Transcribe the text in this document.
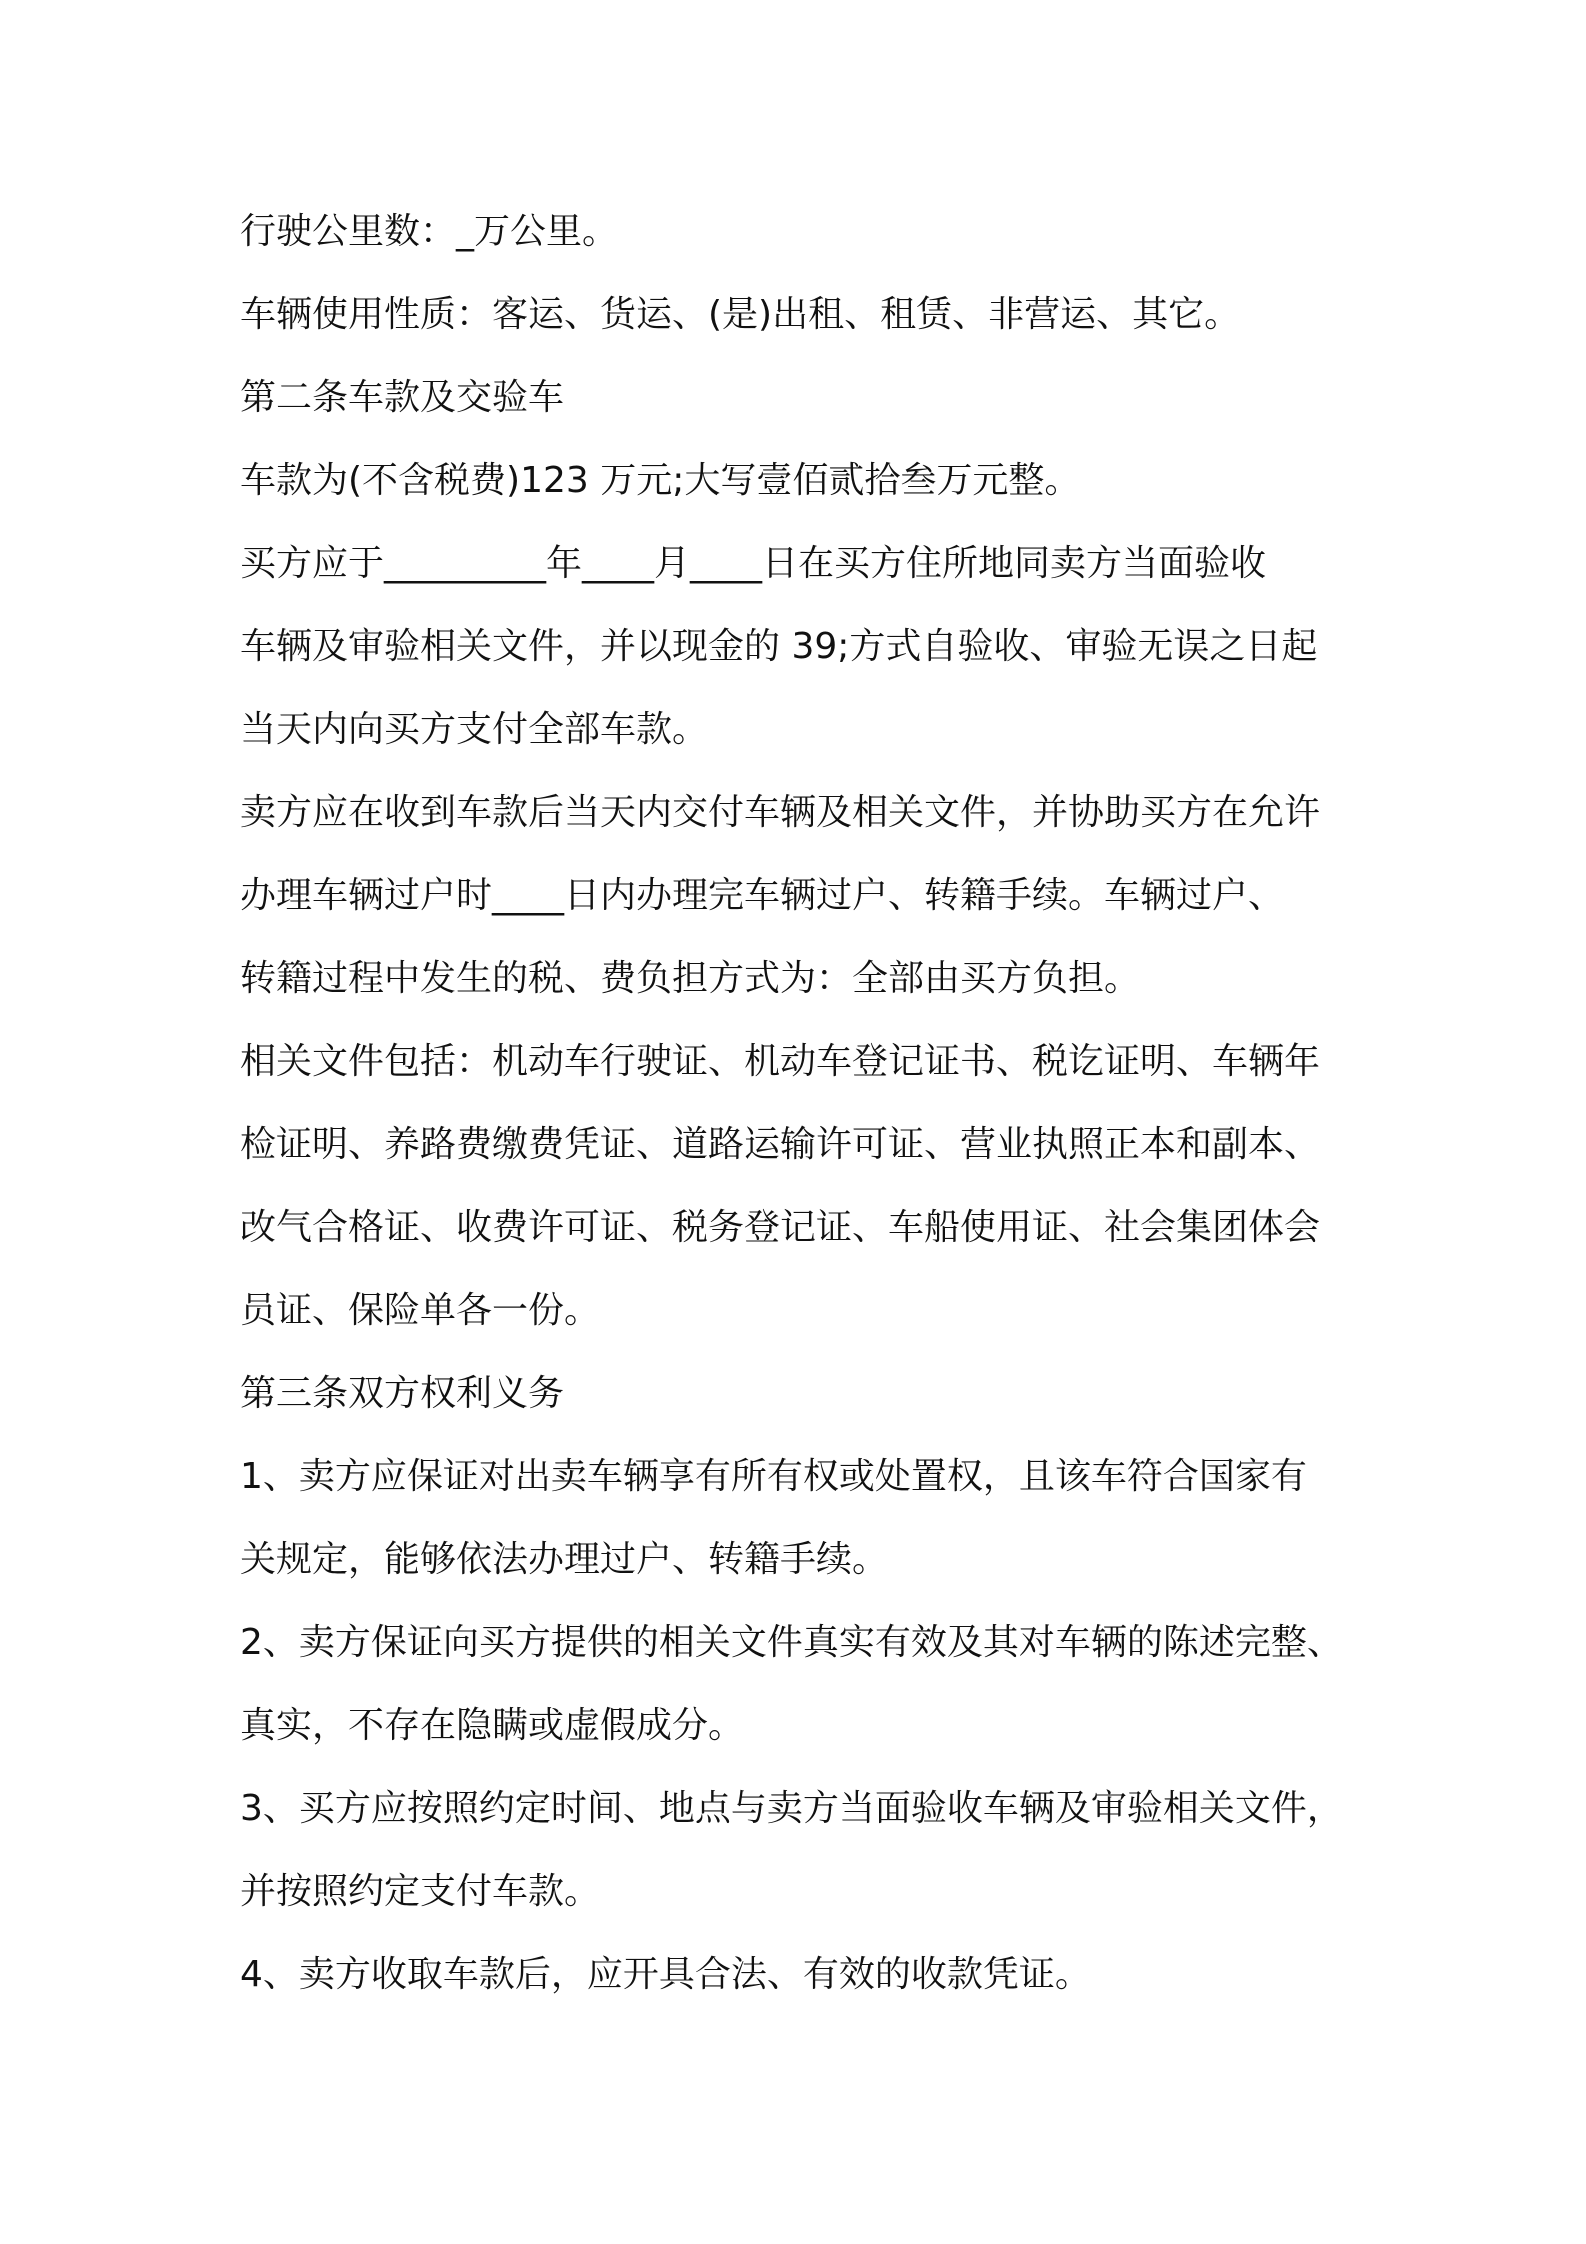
行驶公里数：_万公里。
车辆使用性质：客运、货运、(是)出租、租赁、非营运、其它。
第二条车款及交验车
车款为(不含税费)123 万元;大写壹佰贰拾叁万元整。
买方应于_________年____月____日在买方住所地同卖方当面验收
车辆及审验相关文件，并以现金的 39;方式自验收、审验无误之日起
当天内向买方支付全部车款。
卖方应在收到车款后当天内交付车辆及相关文件，并协助买方在允许
办理车辆过户时____日内办理完车辆过户、转籍手续。车辆过户、
转籍过程中发生的税、费负担方式为：全部由买方负担。
相关文件包括：机动车行驶证、机动车登记证书、税讫证明、车辆年
检证明、养路费缴费凭证、道路运输许可证、营业执照正本和副本、
改气合格证、收费许可证、税务登记证、车船使用证、社会集团体会
员证、保险单各一份。
第三条双方权利义务
1、卖方应保证对出卖车辆享有所有权或处置权，且该车符合国家有
关规定，能够依法办理过户、转籍手续。
2、卖方保证向买方提供的相关文件真实有效及其对车辆的陈述完整、
真实，不存在隐瞒或虚假成分。
3、买方应按照约定时间、地点与卖方当面验收车辆及审验相关文件，
并按照约定支付车款。
4、卖方收取车款后，应开具合法、有效的收款凭证。
